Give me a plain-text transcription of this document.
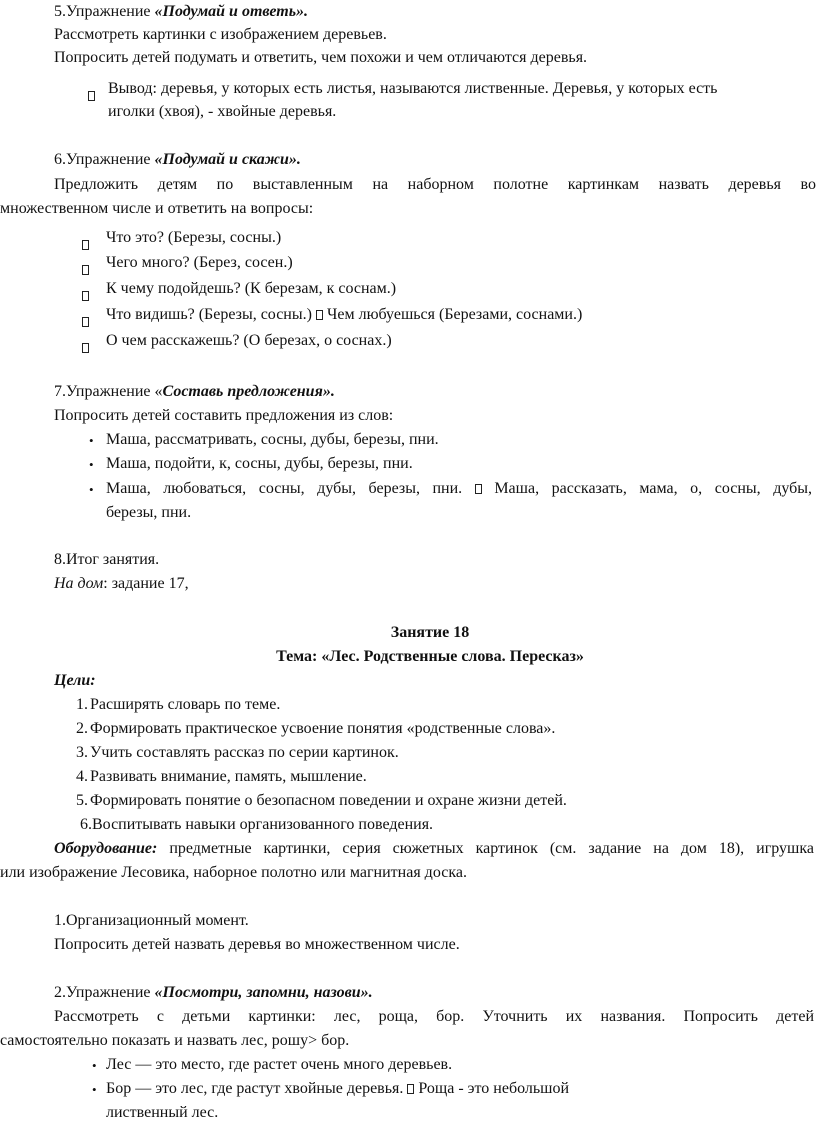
5.Упражнение «Подумай и ответь».
Рассмотреть картинки с изображением деревьев.
Попросить детей подумать и ответить, чем похожи и чем отличаются деревья.
Вывод: деревья, у которых есть листья, называются лиственные. Деревья, у которых есть
иголки (хвоя), - хвойные деревья.
6.Упражнение «Подумай и скажи».
Предложить детям по выставленным на наборном полотне картинкам назвать деревья во
множественном числе и ответить на вопросы:
Что это? (Березы, сосны.)
Чего много? (Берез, сосен.)
К чему подойдешь? (К березам, к соснам.)
Что видишь? (Березы, сосны.) Чем любуешься (Березами, соснами.)
О чем расскажешь? (О березах, о соснах.)
7.Упражнение «Составь предложения».
Попросить детей составить предложения из слов:
• Маша, рассматривать, сосны, дубы, березы, пни.
• Маша, подойти, к, сосны, дубы, березы, пни.
• Маша, любоваться, сосны, дубы, березы, пни. Маша, рассказать, мама, о, сосны, дубы,
березы, пни.
8.Итог занятия.
На дом: задание 17,
Занятие 18
Тема: «Лес. Родственные слова. Пересказ»
Цели:
1. Расширять словарь по теме.
2. Формировать практическое усвоение понятия «родственные слова».
3. Учить составлять рассказ по серии картинок.
4. Развивать внимание, память, мышление.
5. Формировать понятие о безопасном поведении и охране жизни детей.
6.Воспитывать навыки организованного поведения.
Оборудование: предметные картинки, серия сюжетных картинок (см. задание на дом 18), игрушка
или изображение Лесовика, наборное полотно или магнитная доска.
1.Организационный момент.
Попросить детей назвать деревья во множественном числе.
2.Упражнение «Посмотри, запомни, назови».
Рассмотреть с детьми картинки: лес, роща, бор. Уточнить их названия. Попросить детей
самостоятельно показать и назвать лес, рошу> бор.
• Лес — это место, где растет очень много деревьев.
• Бор — это лес, где растут хвойные деревья. Роща - это небольшой
лиственный лес.
